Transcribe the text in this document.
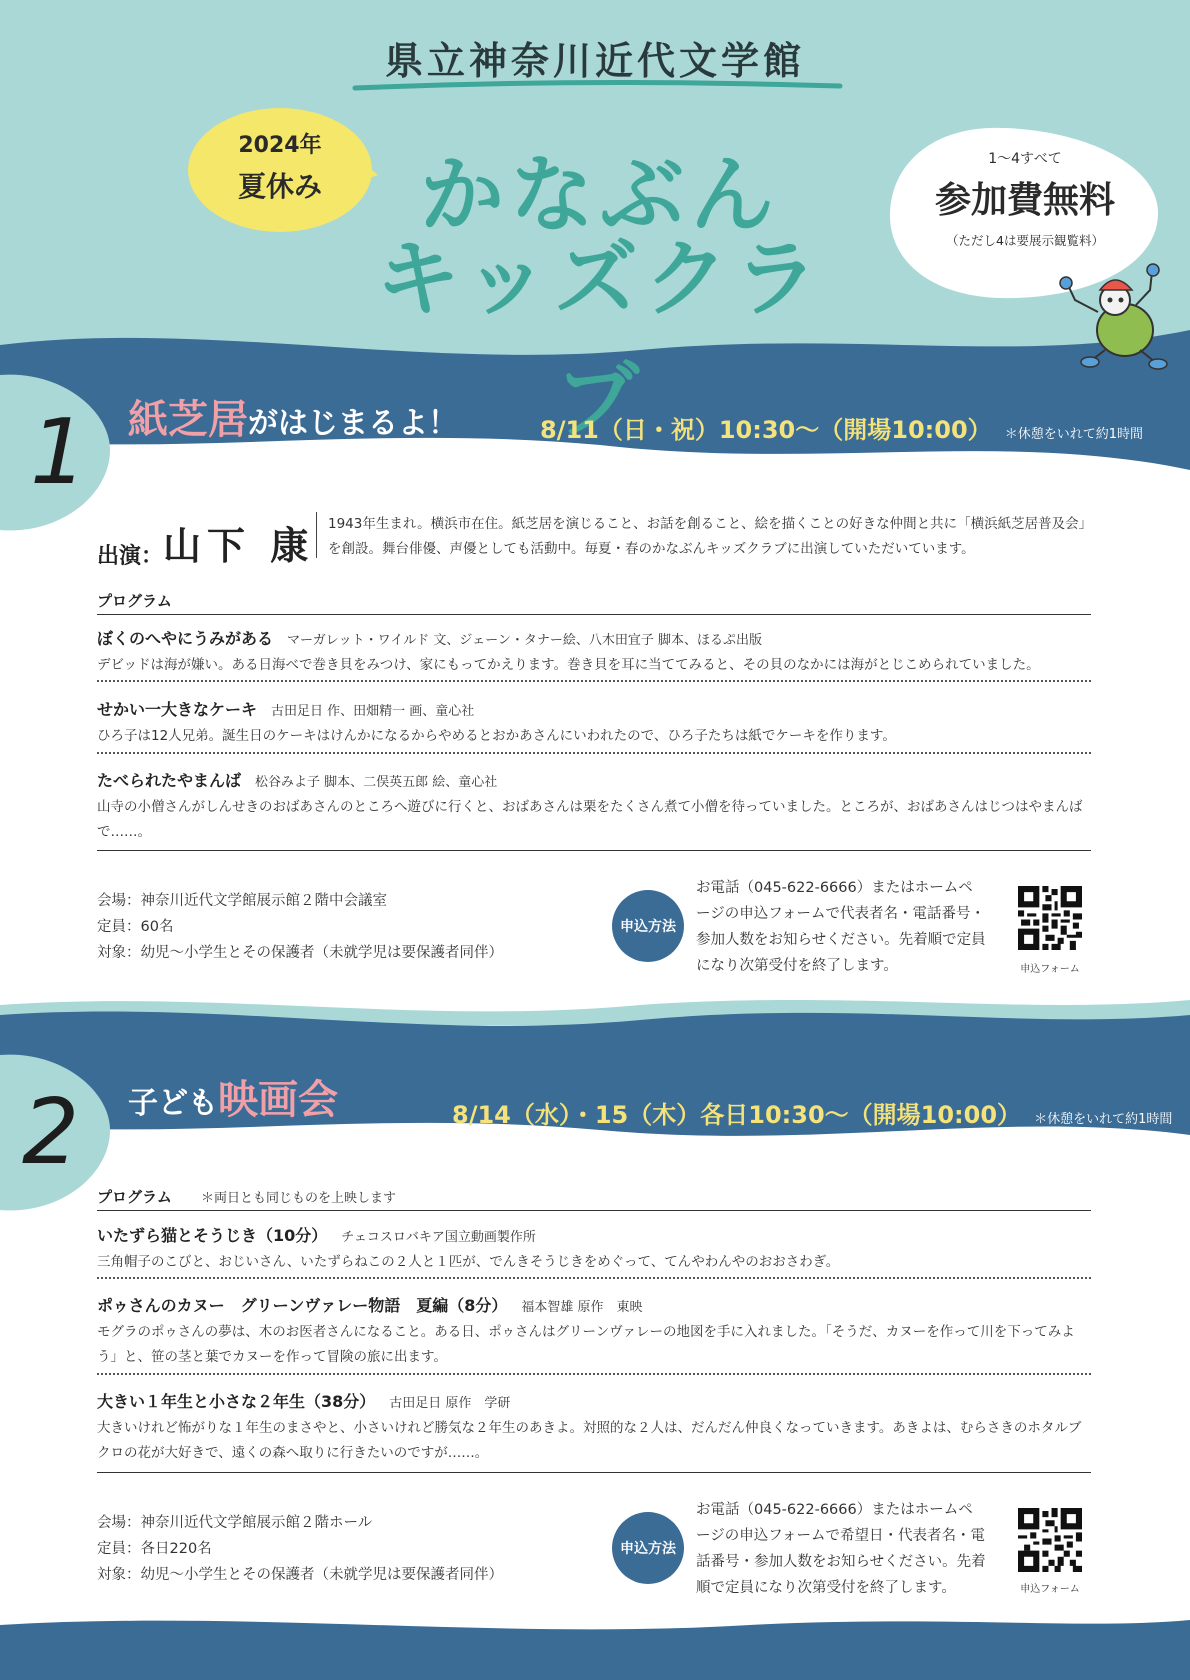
県立神奈川近代文学館
かなぶん
キッズクラブ
2024年
夏休み
1〜4すべて
参加費無料
（ただし4は要展示観覧料）
1 紙芝居がはじまるよ！	8/11（日・祝）10:30〜（開場10:00） ＊休憩をいれて約1時間
出演： 山下 康 1943年生まれ。横浜市在住。紙芝居を演じること、お話を創ること、絵を描くことの好きな仲間と共に「横浜紙芝居普及会」を創設。舞台俳優、声優としても活動中。毎夏・春のかなぶんキッズクラブに出演していただいています。
プログラム
ぼくのへやにうみがある マーガレット・ワイルド 文、ジェーン・タナー絵、八木田宜子 脚本、ほるぷ出版
デビッドは海が嫌い。ある日海べで巻き貝をみつけ、家にもってかえります。巻き貝を耳に当ててみると、その貝のなかには海がとじこめられていました。
せかい一大きなケーキ 古田足日 作、田畑精一 画、童心社
ひろ子は12人兄弟。誕生日のケーキはけんかになるからやめるとおかあさんにいわれたので、ひろ子たちは紙でケーキを作ります。
たべられたやまんば 松谷みよ子 脚本、二俣英五郎 絵、童心社
山寺の小僧さんがしんせきのおばあさんのところへ遊びに行くと、おばあさんは栗をたくさん煮て小僧を待っていました。ところが、おばあさんはじつはやまんばで……。
会場：神奈川近代文学館展示館２階中会議室
定員：60名
対象：幼児〜小学生とその保護者（未就学児は要保護者同伴）
申込方法
お電話（045-622-6666）またはホームページの申込フォームで代表者名・電話番号・参加人数をお知らせください。先着順で定員になり次第受付を終了します。	申込フォーム
2 子ども映画会	8/14（水）・15（木）各日10:30〜（開場10:00） ＊休憩をいれて約1時間
プログラム ＊両日とも同じものを上映します
いたずら猫とそうじき（10分） チェコスロバキア国立動画製作所
三角帽子のこびと、おじいさん、いたずらねこの２人と１匹が、でんきそうじきをめぐって、てんやわんやのおおさわぎ。
ポゥさんのカヌー　グリーンヴァレー物語　夏編（8分） 福本智雄 原作　東映
モグラのポゥさんの夢は、木のお医者さんになること。ある日、ポゥさんはグリーンヴァレーの地図を手に入れました。「そうだ、カヌーを作って川を下ってみよう」と、笹の茎と葉でカヌーを作って冒険の旅に出ます。
大きい１年生と小さな２年生（38分） 古田足日 原作　学研
大きいけれど怖がりな１年生のまさやと、小さいけれど勝気な２年生のあきよ。対照的な２人は、だんだん仲良くなっていきます。あきよは、むらさきのホタルブクロの花が大好きで、遠くの森へ取りに行きたいのですが……。
会場：神奈川近代文学館展示館２階ホール
定員：各日220名
対象：幼児〜小学生とその保護者（未就学児は要保護者同伴）
申込方法
お電話（045-622-6666）またはホームページの申込フォームで希望日・代表者名・電話番号・参加人数をお知らせください。先着順で定員になり次第受付を終了します。	申込フォーム
